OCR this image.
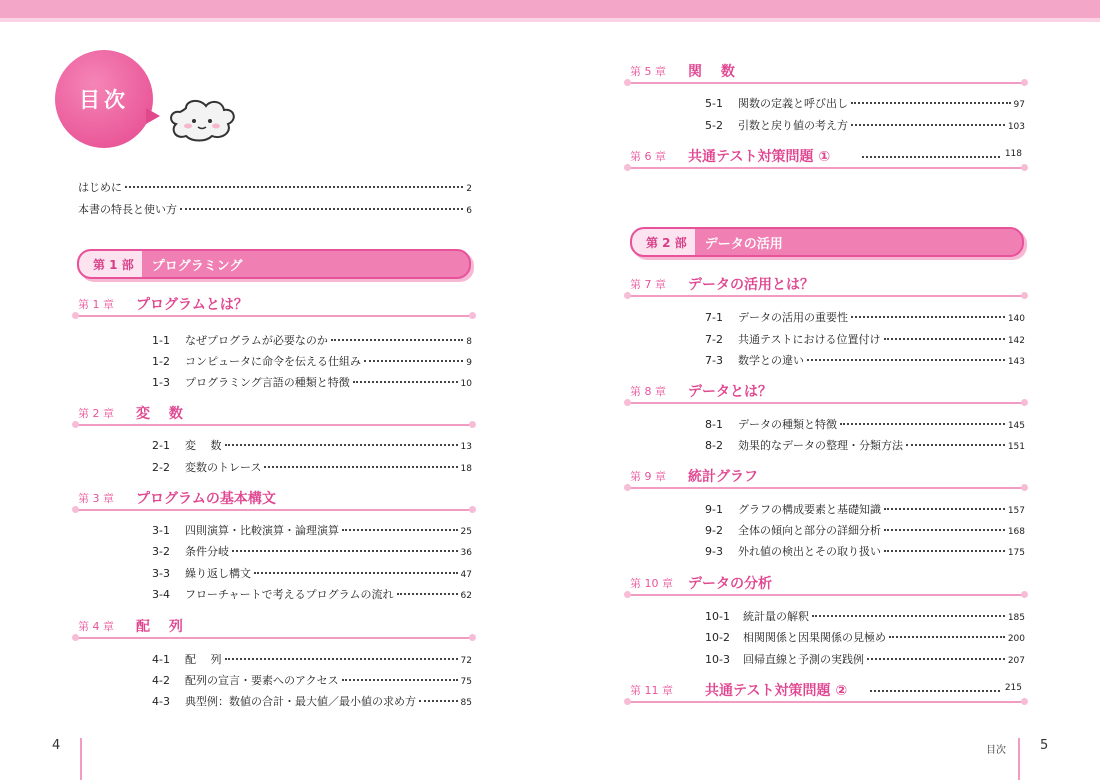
目次
はじめに	2
本書の特長と使い方	6
第 1 部	プログラミング
第 1 章 プログラムとは？
1-1	なぜプログラムが必要なのか	8
1-2	コンピュータに命令を伝える仕組み	9
1-3	プログラミング言語の種類と特徴	10
第 2 章 変　 数
2-1	変　 数	13
2-2	変数のトレース	18
第 3 章 プログラムの基本構文
3-1	四則演算・比較演算・論理演算	25
3-2	条件分岐	36
3-3	繰り返し構文	47
3-4	フローチャートで考えるプログラムの流れ	62
第 4 章 配　 列
4-1	配　 列	72
4-2	配列の宣言・要素へのアクセス	75
4-3	典型例：数値の合計・最大値／最小値の求め方	85
第 5 章 関　 数
5-1	関数の定義と呼び出し	97
5-2	引数と戻り値の考え方	103
第 6 章 共通テスト対策問題 ①	118
第 2 部	データの活用
第 7 章 データの活用とは？
7-1	データの活用の重要性	140
7-2	共通テストにおける位置付け	142
7-3	数学との違い	143
第 8 章 データとは？
8-1	データの種類と特徴	145
8-2	効果的なデータの整理・分類方法	151
第 9 章 統計グラフ
9-1	グラフの構成要素と基礎知識	157
9-2	全体の傾向と部分の詳細分析	168
9-3	外れ値の検出とその取り扱い	175
第 10 章 データの分析
10-1	統計量の解釈	185
10-2	相関関係と因果関係の見極め	200
10-3	回帰直線と予測の実践例	207
第 11 章 共通テスト対策問題 ②	215
4	目次	5
